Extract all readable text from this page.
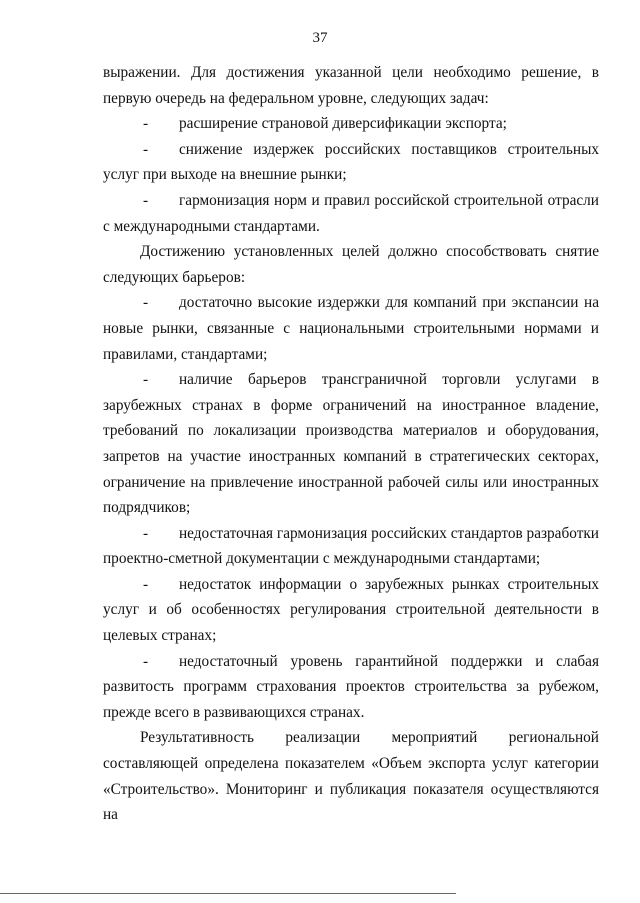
37

выражении. Для достижения указанной цели необходимо решение, в первую очередь на федеральном уровне, следующих задач:

- расширение страновой диверсификации экспорта;

- снижение издержек российских поставщиков строительных услуг при выходе на внешние рынки;

- гармонизация норм и правил российской строительной отрасли с международными стандартами.

Достижению установленных целей должно способствовать снятие следующих барьеров:

- достаточно высокие издержки для компаний при экспансии на новые рынки, связанные с национальными строительными нормами и правилами, стандартами;

- наличие барьеров трансграничной торговли услугами в зарубежных странах в форме ограничений на иностранное владение, требований по локализации производства материалов и оборудования, запретов на участие иностранных компаний в стратегических секторах, ограничение на привлечение иностранной рабочей силы или иностранных подрядчиков;

- недостаточная гармонизация российских стандартов разработки проектно-сметной документации с международными стандартами;

- недостаток информации о зарубежных рынках строительных услуг и об особенностях регулирования строительной деятельности в целевых странах;

- недостаточный уровень гарантийной поддержки и слабая развитость программ страхования проектов строительства за рубежом, прежде всего в развивающихся странах.

Результативность реализации мероприятий региональной составляющей определена показателем «Объем экспорта услуг категории «Строительство». Мониторинг и публикация показателя осуществляются на
